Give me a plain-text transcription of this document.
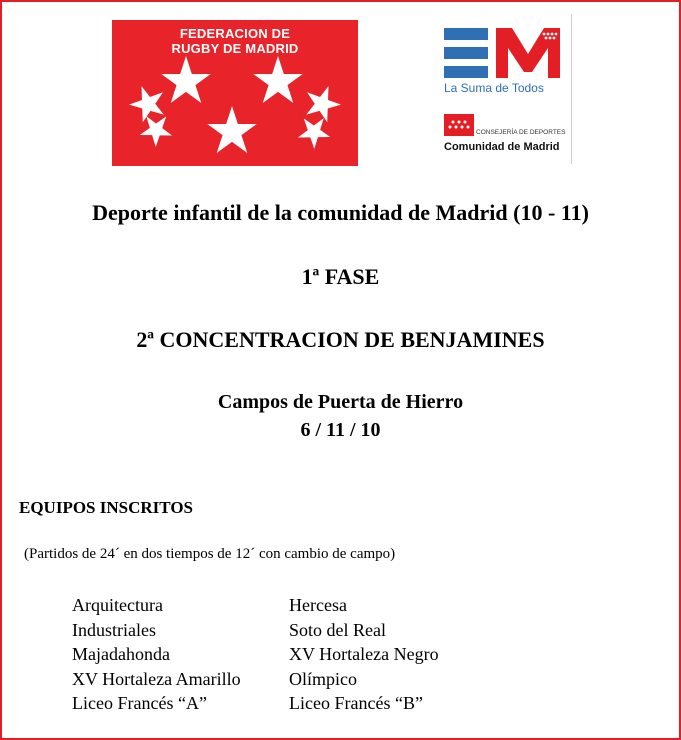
FEDERACION DE
RUGBY DE MADRID
La Suma de Todos
CONSEJERÍA DE DEPORTES
Comunidad de Madrid
Deporte infantil de la comunidad de Madrid (10 - 11)
1ª FASE
2ª CONCENTRACION DE BENJAMINES
Campos de Puerta de Hierro
6 / 11 / 10
EQUIPOS INSCRITOS
(Partidos de 24´ en dos tiempos de 12´ con cambio de campo)
Arquitectura
Industriales
Majadahonda
XV Hortaleza Amarillo
Liceo Francés “A”
Hercesa
Soto del Real
XV Hortaleza Negro
Olímpico
Liceo Francés “B”
